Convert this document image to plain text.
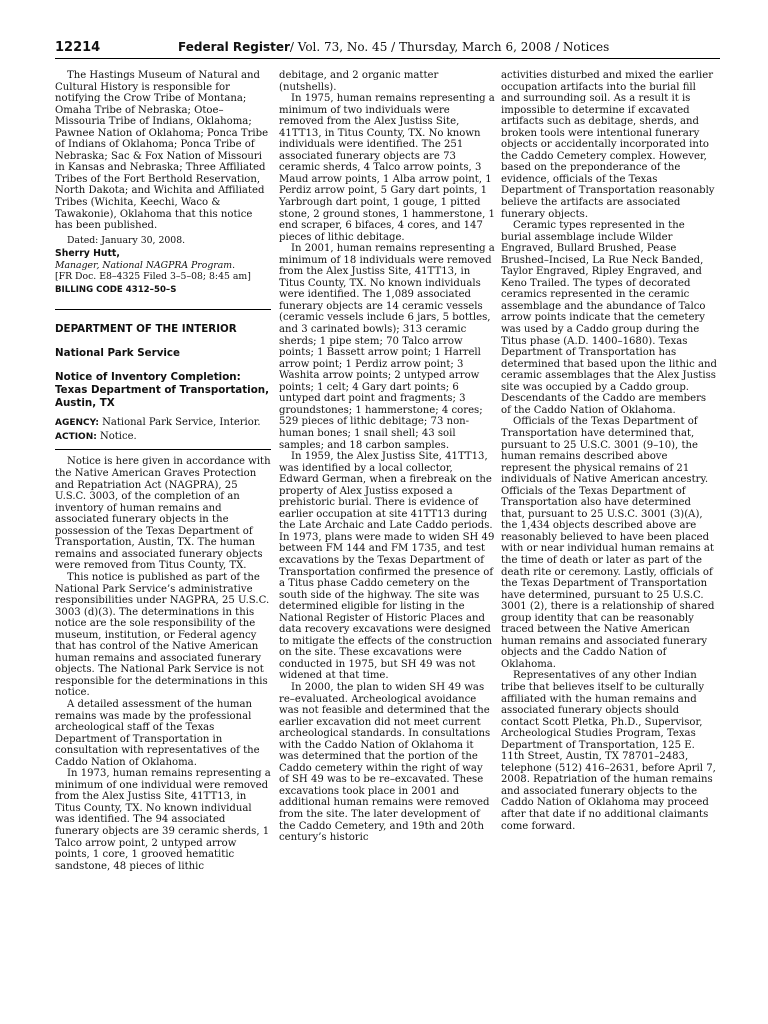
12214	Federal Register/ Vol. 73, No. 45 / Thursday, March 6, 2008 / Notices

The Hastings Museum of Natural and Cultural History is responsible for notifying the Crow Tribe of Montana; Omaha Tribe of Nebraska; Otoe–Missouria Tribe of Indians, Oklahoma; Pawnee Nation of Oklahoma; Ponca Tribe of Indians of Oklahoma; Ponca Tribe of Nebraska; Sac & Fox Nation of Missouri in Kansas and Nebraska; Three Affiliated Tribes of the Fort Berthold Reservation, North Dakota; and Wichita and Affiliated Tribes (Wichita, Keechi, Waco & Tawakonie), Oklahoma that this notice has been published.

Dated: January 30, 2008.

Sherry Hutt,

Manager, National NAGPRA Program.

[FR Doc. E8–4325 Filed 3–5–08; 8:45 am]

BILLING CODE 4312–50–S

DEPARTMENT OF THE INTERIOR
National Park Service
Notice of Inventory Completion: Texas Department of Transportation, Austin, TX
AGENCY: National Park Service, Interior.
ACTION: Notice.

Notice is here given in accordance with the Native American Graves Protection and Repatriation Act (NAGPRA), 25 U.S.C. 3003, of the completion of an inventory of human remains and associated funerary objects in the possession of the Texas Department of Transportation, Austin, TX. The human remains and associated funerary objects were removed from Titus County, TX.

This notice is published as part of the National Park Service’s administrative responsibilities under NAGPRA, 25 U.S.C. 3003 (d)(3). The determinations in this notice are the sole responsibility of the museum, institution, or Federal agency that has control of the Native American human remains and associated funerary objects. The National Park Service is not responsible for the determinations in this notice.

A detailed assessment of the human remains was made by the professional archeological staff of the Texas Department of Transportation in consultation with representatives of the Caddo Nation of Oklahoma.

In 1973, human remains representing a minimum of one individual were removed from the Alex Justiss Site, 41TT13, in Titus County, TX. No known individual was identified. The 94 associated funerary objects are 39 ceramic sherds, 1 Talco arrow point, 2 untyped arrow points, 1 core, 1 grooved hematitic sandstone, 48 pieces of lithic

debitage, and 2 organic matter (nutshells).

In 1975, human remains representing a minimum of two individuals were removed from the Alex Justiss Site, 41TT13, in Titus County, TX. No known individuals were identified. The 251 associated funerary objects are 73 ceramic sherds, 4 Talco arrow points, 3 Maud arrow points, 1 Alba arrow point, 1 Perdiz arrow point, 5 Gary dart points, 1 Yarbrough dart point, 1 gouge, 1 pitted stone, 2 ground stones, 1 hammerstone, 1 end scraper, 6 bifaces, 4 cores, and 147 pieces of lithic debitage.

In 2001, human remains representing a minimum of 18 individuals were removed from the Alex Justiss Site, 41TT13, in Titus County, TX. No known individuals were identified. The 1,089 associated funerary objects are 14 ceramic vessels (ceramic vessels include 6 jars, 5 bottles, and 3 carinated bowls); 313 ceramic sherds; 1 pipe stem; 70 Talco arrow points; 1 Bassett arrow point; 1 Harrell arrow point; 1 Perdiz arrow point; 3 Washita arrow points; 2 untyped arrow points; 1 celt; 4 Gary dart points; 6 untyped dart point and fragments; 3 groundstones; 1 hammerstone; 4 cores; 529 pieces of lithic debitage; 73 non-human bones; 1 snail shell; 43 soil samples; and 18 carbon samples.

In 1959, the Alex Justiss Site, 41TT13, was identified by a local collector, Edward German, when a firebreak on the property of Alex Justiss exposed a prehistoric burial. There is evidence of earlier occupation at site 41TT13 during the Late Archaic and Late Caddo periods. In 1973, plans were made to widen SH 49 between FM 144 and FM 1735, and test excavations by the Texas Department of Transportation confirmed the presence of a Titus phase Caddo cemetery on the south side of the highway. The site was determined eligible for listing in the National Register of Historic Places and data recovery excavations were designed to mitigate the effects of the construction on the site. These excavations were conducted in 1975, but SH 49 was not widened at that time.

In 2000, the plan to widen SH 49 was re–evaluated. Archeological avoidance was not feasible and determined that the earlier excavation did not meet current archeological standards. In consultations with the Caddo Nation of Oklahoma it was determined that the portion of the Caddo cemetery within the right of way of SH 49 was to be re–excavated. These excavations took place in 2001 and additional human remains were removed from the site. The later development of the Caddo Cemetery, and 19th and 20th century’s historic

activities disturbed and mixed the earlier occupation artifacts into the burial fill and surrounding soil. As a result it is impossible to determine if excavated artifacts such as debitage, sherds, and broken tools were intentional funerary objects or accidentally incorporated into the Caddo Cemetery complex. However, based on the preponderance of the evidence, officials of the Texas Department of Transportation reasonably believe the artifacts are associated funerary objects.

Ceramic types represented in the burial assemblage include Wilder Engraved, Bullard Brushed, Pease Brushed–Incised, La Rue Neck Banded, Taylor Engraved, Ripley Engraved, and Keno Trailed. The types of decorated ceramics represented in the ceramic assemblage and the abundance of Talco arrow points indicate that the cemetery was used by a Caddo group during the Titus phase (A.D. 1400–1680). Texas Department of Transportation has determined that based upon the lithic and ceramic assemblages that the Alex Justiss site was occupied by a Caddo group. Descendants of the Caddo are members of the Caddo Nation of Oklahoma.

Officials of the Texas Department of Transportation have determined that, pursuant to 25 U.S.C. 3001 (9–10), the human remains described above represent the physical remains of 21 individuals of Native American ancestry. Officials of the Texas Department of Transportation also have determined that, pursuant to 25 U.S.C. 3001 (3)(A), the 1,434 objects described above are reasonably believed to have been placed with or near individual human remains at the time of death or later as part of the death rite or ceremony. Lastly, officials of the Texas Department of Transportation have determined, pursuant to 25 U.S.C. 3001 (2), there is a relationship of shared group identity that can be reasonably traced between the Native American human remains and associated funerary objects and the Caddo Nation of Oklahoma.

Representatives of any other Indian tribe that believes itself to be culturally affiliated with the human remains and associated funerary objects should contact Scott Pletka, Ph.D., Supervisor, Archeological Studies Program, Texas Department of Transportation, 125 E. 11th Street, Austin, TX 78701–2483, telephone (512) 416–2631, before April 7, 2008. Repatriation of the human remains and associated funerary objects to the Caddo Nation of Oklahoma may proceed after that date if no additional claimants come forward.
